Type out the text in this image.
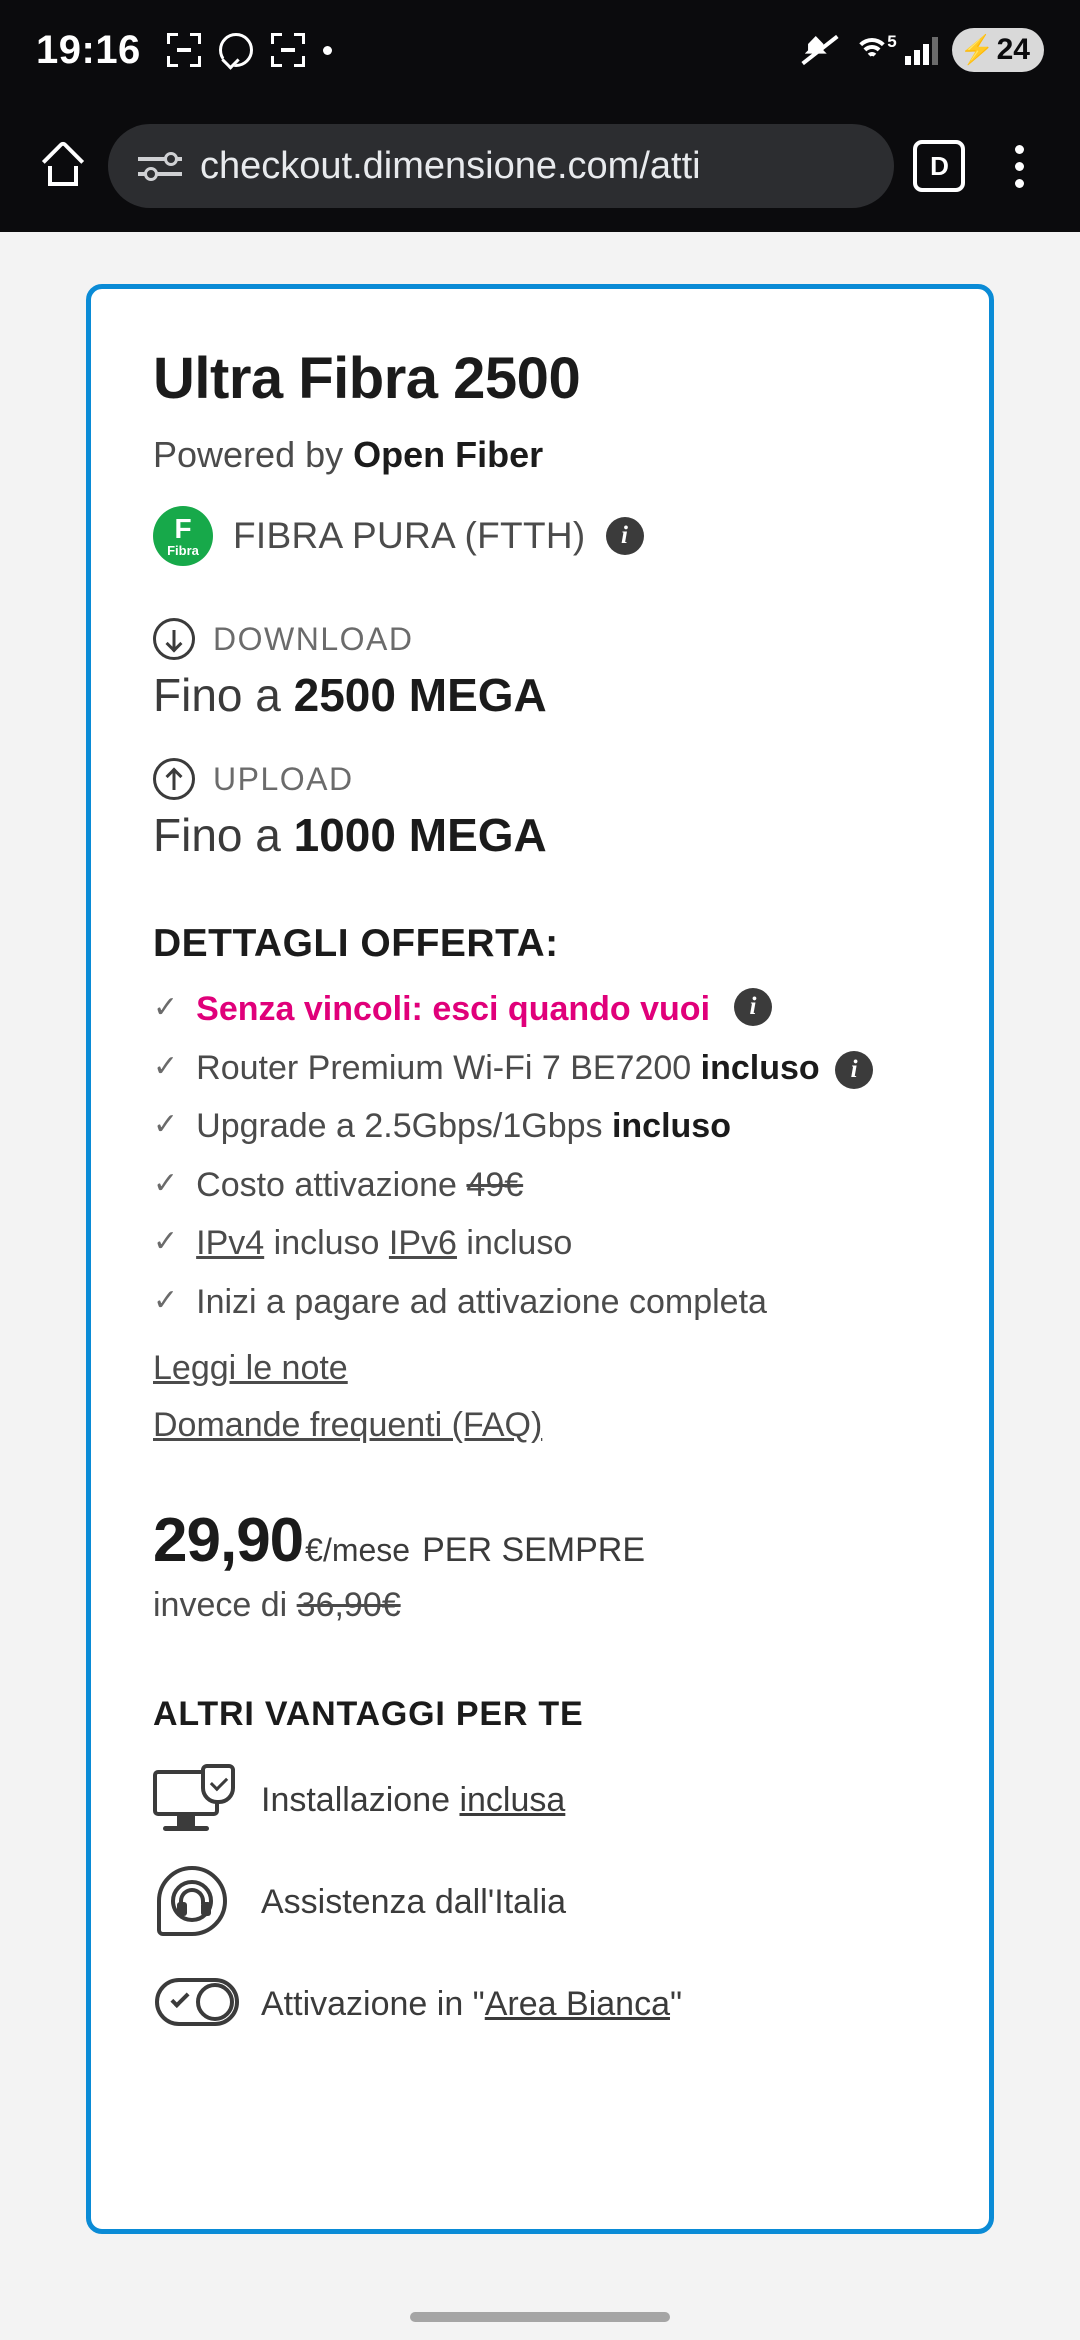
19:16	5 ⚡ 24
checkout.dimensione.com/atti	D
Ultra Fibra 2500
Powered by Open Fiber
F
Fibra FIBRA PURA (FTTH)	i
DOWNLOAD
Fino a 2500 MEGA
UPLOAD
Fino a 1000 MEGA
DETTAGLI OFFERTA:
✓ Senza vincoli: esci quando vuoi	i
✓ Router Premium Wi-Fi 7 BE7200 incluso i
✓ Upgrade a 2.5Gbps/1Gbps incluso
✓ Costo attivazione 49€
✓ IPv4 incluso IPv6 incluso
✓ Inizi a pagare ad attivazione completa
Leggi le note
Domande frequenti (FAQ)
29,90 €/mese PER SEMPRE
invece di 36,90€
ALTRI VANTAGGI PER TE
Installazione inclusa
Assistenza dall'Italia
Attivazione in "Area Bianca"
